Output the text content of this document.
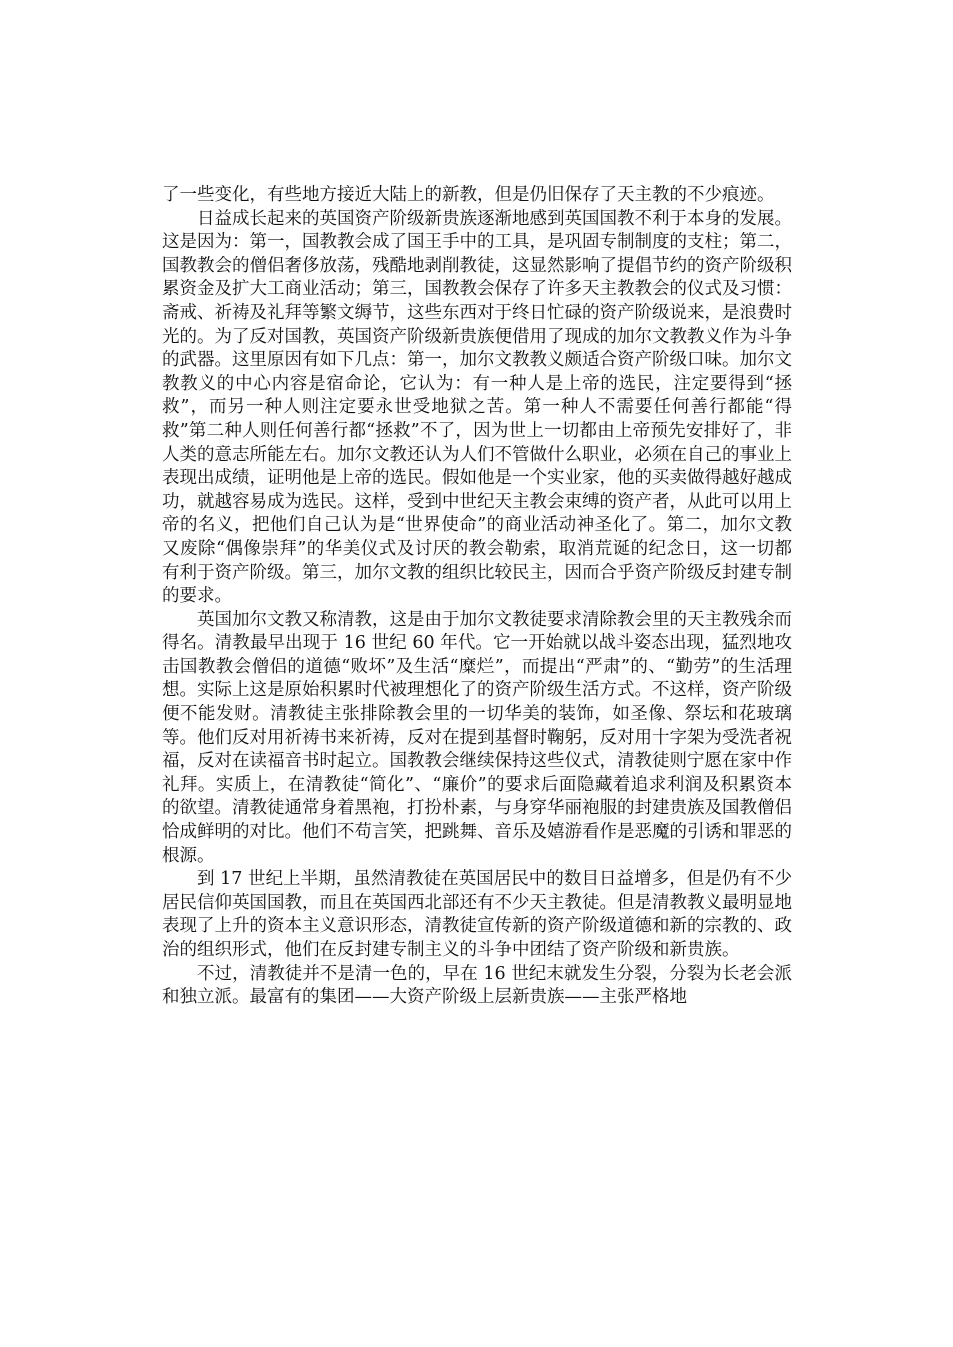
了一些变化，有些地方接近大陆上的新教，但是仍旧保存了天主教的不少痕迹。

日益成长起来的英国资产阶级新贵族逐渐地感到英国国教不利于本身的发展。这是因为：第一，国教教会成了国王手中的工具，是巩固专制制度的支柱；第二，国教教会的僧侣奢侈放荡，残酷地剥削教徒，这显然影响了提倡节约的资产阶级积累资金及扩大工商业活动；第三，国教教会保存了许多天主教教会的仪式及习惯：斋戒、祈祷及礼拜等繁文缛节，这些东西对于终日忙碌的资产阶级说来，是浪费时光的。为了反对国教，英国资产阶级新贵族便借用了现成的加尔文教教义作为斗争的武器。这里原因有如下几点：第一，加尔文教教义颇适合资产阶级口味。加尔文教教义的中心内容是宿命论，它认为：有一种人是上帝的选民，注定要得到“拯救”，而另一种人则注定要永世受地狱之苦。第一种人不需要任何善行都能“得救”第二种人则任何善行都“拯救”不了，因为世上一切都由上帝预先安排好了，非人类的意志所能左右。加尔文教还认为人们不管做什么职业，必须在自己的事业上表现出成绩，证明他是上帝的选民。假如他是一个实业家，他的买卖做得越好越成功，就越容易成为选民。这样，受到中世纪天主教会束缚的资产者，从此可以用上帝的名义，把他们自己认为是“世界使命”的商业活动神圣化了。第二，加尔文教又废除“偶像崇拜”的华美仪式及讨厌的教会勒索，取消荒诞的纪念日，这一切都有利于资产阶级。第三，加尔文教的组织比较民主，因而合乎资产阶级反封建专制的要求。

英国加尔文教又称清教，这是由于加尔文教徒要求清除教会里的天主教残余而得名。清教最早出现于 16 世纪 60 年代。它一开始就以战斗姿态出现，猛烈地攻击国教教会僧侣的道德“败坏”及生活“糜烂”，而提出“严肃”的、“勤劳”的生活理想。实际上这是原始积累时代被理想化了的资产阶级生活方式。不这样，资产阶级便不能发财。清教徒主张排除教会里的一切华美的装饰，如圣像、祭坛和花玻璃等。他们反对用祈祷书来祈祷，反对在提到基督时鞠躬，反对用十字架为受洗者祝福，反对在读福音书时起立。国教教会继续保持这些仪式，清教徒则宁愿在家中作礼拜。实质上，在清教徒“简化”、“廉价”的要求后面隐藏着追求利润及积累资本的欲望。清教徒通常身着黑袍，打扮朴素，与身穿华丽袍服的封建贵族及国教僧侣恰成鲜明的对比。他们不苟言笑，把跳舞、音乐及嬉游看作是恶魔的引诱和罪恶的根源。

到 17 世纪上半期，虽然清教徒在英国居民中的数目日益增多，但是仍有不少居民信仰英国国教，而且在英国西北部还有不少天主教徒。但是清教教义最明显地表现了上升的资本主义意识形态，清教徒宣传新的资产阶级道德和新的宗教的、政治的组织形式，他们在反封建专制主义的斗争中团结了资产阶级和新贵族。

不过，清教徒并不是清一色的，早在 16 世纪末就发生分裂，分裂为长老会派和独立派。最富有的集团——大资产阶级上层新贵族——主张严格地
